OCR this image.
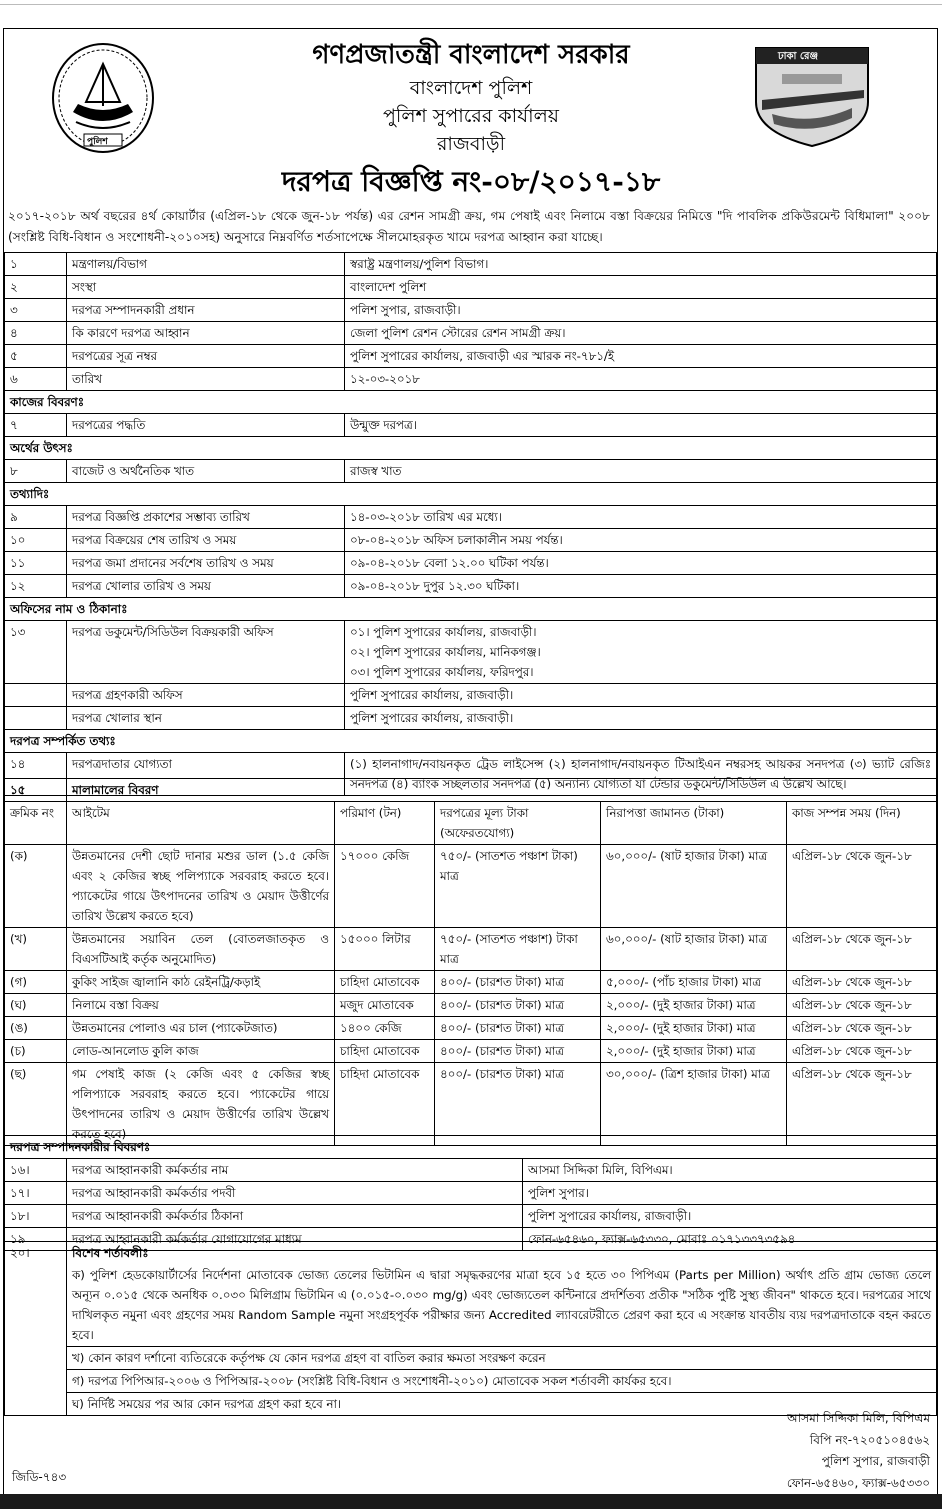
পুলিশ
ঢাকা রেঞ্জ
গণপ্রজাতন্ত্রী বাংলাদেশ সরকার
বাংলাদেশ পুলিশ
পুলিশ সুপারের কার্যালয়
রাজবাড়ী
দরপত্র বিজ্ঞপ্তি নং-০৮/২০১৭-১৮
২০১৭-২০১৮ অর্থ বছরের ৪র্থ কোয়ার্টার (এপ্রিল-১৮ থেকে জুন-১৮ পর্যন্ত) এর রেশন সামগ্রী ক্রয়, গম পেষাই এবং নিলামে বস্তা বিক্রয়ের নিমিত্তে "দি পাবলিক প্রকিউরমেন্ট বিধিমালা" ২০০৮ (সংশ্লিষ্ট বিধি-বিধান ও সংশোধনী-২০১০সহ) অনুসারে নিম্নবর্ণিত শর্তসাপেক্ষে সীলমোহরকৃত খামে দরপত্র আহ্বান করা যাচ্ছে।
১	মন্ত্রণালয়/বিভাগ	স্বরাষ্ট্র মন্ত্রণালয়/পুলিশ বিভাগ।
২	সংস্থা	বাংলাদেশ পুলিশ
৩	দরপত্র সম্পাদনকারী প্রধান	পলিশ সুপার, রাজবাড়ী।
৪	কি কারণে দরপত্র আহ্বান	জেলা পুলিশ রেশন স্টোরের রেশন সামগ্রী ক্রয়।
৫	দরপত্রের সূত্র নম্বর	পুলিশ সুপারের কার্যালয়, রাজবাড়ী এর স্মারক নং-৭৮১/ই
৬	তারিখ	১২-০৩-২০১৮
কাজের বিবরণঃ		
৭	দরপত্রের পদ্ধতি	উন্মুক্ত দরপত্র।
অর্থের উৎসঃ		
৮	বাজেট ও অর্থনৈতিক খাত	রাজস্ব খাত
তথ্যাদিঃ		
৯	দরপত্র বিজ্ঞপ্তি প্রকাশের সম্ভাব্য তারিখ	১৪-০৩-২০১৮ তারিখ এর মধ্যে।
১০	দরপত্র বিক্রয়ের শেষ তারিখ ও সময়	০৮-০৪-২০১৮ অফিস চলাকালীন সময় পর্যন্ত।
১১	দরপত্র জমা প্রদানের সর্বশেষ তারিখ ও সময়	০৯-০৪-২০১৮ বেলা ১২.০০ ঘটিকা পর্যন্ত।
১২	দরপত্র খোলার তারিখ ও সময়	০৯-০৪-২০১৮ দুপুর ১২.৩০ ঘটিকা।
অফিসের নাম ও ঠিকানাঃ		
১৩	দরপত্র ডকুমেন্ট/সিডিউল বিক্রয়কারী অফিস	০১। পুলিশ সুপারের কার্যালয়, রাজবাড়ী।
০২। পুলিশ সুপারের কার্যালয়, মানিকগঞ্জ।
০৩। পুলিশ সুপারের কার্যালয়, ফরিদপুর।
	দরপত্র গ্রহণকারী অফিস	পুলিশ সুপারের কার্যালয়, রাজবাড়ী।
	দরপত্র খোলার স্থান	পুলিশ সুপারের কার্যালয়, রাজবাড়ী।
দরপত্র সম্পর্কিত তথ্যঃ		
১৪	দরপত্রদাতার যোগ্যতা	(১) হালনাগাদ/নবায়নকৃত ট্রেড লাইসেন্স (২) হালনাগাদ/নবায়নকৃত টিআইএন নম্বরসহ আয়কর সনদপত্র (৩) ভ্যাট রেজিঃ সনদপত্র (৪) ব্যাংক সচ্ছলতার সনদপত্র (৫) অন্যান্য যোগ্যতা যা টেন্ডার ডকুমেন্ট/সিডিউল এ উল্লেখ আছে।
১৫	মালামালের বিবরণ				
ক্রমিক নং	আইটেম	পরিমাণ (টন)	দরপত্রের মূল্য টাকা (অফেরতযোগ্য)	নিরাপত্তা জামানত (টাকা)	কাজ সম্পন্ন সময় (দিন)
(ক)	উন্নতমানের দেশী ছোট দানার মশুর ডাল (১.৫ কেজি এবং ২ কেজির স্বচ্ছ পলিপ্যাকে সরবরাহ করতে হবে। প্যাকেটের গায়ে উৎপাদনের তারিখ ও মেয়াদ উত্তীর্ণের তারিখ উল্লেখ করতে হবে)	১৭০০০ কেজি	৭৫০/- (সাতশত পঞ্চাশ টাকা) মাত্র	৬০,০০০/- (ষাট হাজার টাকা) মাত্র	এপ্রিল-১৮ থেকে জুন-১৮
(খ)	উন্নতমানের সয়াবিন তেল (বোতলজাতকৃত ও বিএসটিআই কর্তৃক অনুমোদিত)	১৫০০০ লিটার	৭৫০/- (সাতশত পঞ্চাশ) টাকা মাত্র	৬০,০০০/- (ষাট হাজার টাকা) মাত্র	এপ্রিল-১৮ থেকে জুন-১৮
(গ)	কুকিং সাইজ জ্বালানি কাঠ রেইনট্রি/কড়াই	চাহিদা মোতাবেক	৪০০/- (চারশত টাকা) মাত্র	৫,০০০/- (পাঁচ হাজার টাকা) মাত্র	এপ্রিল-১৮ থেকে জুন-১৮
(ঘ)	নিলামে বস্তা বিক্রয়	মজুদ মোতাবেক	৪০০/- (চারশত টাকা) মাত্র	২,০০০/- (দুই হাজার টাকা) মাত্র	এপ্রিল-১৮ থেকে জুন-১৮
(ঙ)	উন্নতমানের পোলাও এর চাল (প্যাকেটজাত)	১৪০০ কেজি	৪০০/- (চারশত টাকা) মাত্র	২,০০০/- (দুই হাজার টাকা) মাত্র	এপ্রিল-১৮ থেকে জুন-১৮
(চ)	লোড-আনলোড কুলি কাজ	চাহিদা মোতাবেক	৪০০/- (চারশত টাকা) মাত্র	২,০০০/- (দুই হাজার টাকা) মাত্র	এপ্রিল-১৮ থেকে জুন-১৮
(ছ)	গম পেষাই কাজ (২ কেজি এবং ৫ কেজির স্বচ্ছ পলিপ্যাকে সরবরাহ করতে হবে। প্যাকেটের গায়ে উৎপাদনের তারিখ ও মেয়াদ উত্তীর্ণের তারিখ উল্লেখ করতে হবে)	চাহিদা মোতাবেক	৪০০/- (চারশত টাকা) মাত্র	৩০,০০০/- (ত্রিশ হাজার টাকা) মাত্র	এপ্রিল-১৮ থেকে জুন-১৮
দরপত্র সম্পাদনকারীর বিবরণঃ		
১৬।	দরপত্র আহ্বানকারী কর্মকর্তার নাম	আসমা সিদ্দিকা মিলি, বিপিএম।
১৭।	দরপত্র আহ্বানকারী কর্মকর্তার পদবী	পুলিশ সুপার।
১৮।	দরপত্র আহ্বানকারী কর্মকর্তার ঠিকানা	পুলিশ সুপারের কার্যালয়, রাজবাড়ী।
১৯	দরপত্র আহ্বানকারী কর্মকর্তার যোগাযোগের মাধ্যম	ফোন-৬৫৪৬০, ফ্যাক্স-৬৫৩৩০, মোবাঃ ০১৭১৩৩৭৩৫৯৪
২০।	বিশেষ শর্তাবলীঃ
ক) পুলিশ হেডকোয়ার্টার্সের নির্দেশনা মোতাবেক ভোজ্য তেলের ভিটামিন এ দ্বারা সমৃদ্ধকরণের মাত্রা হবে ১৫ হতে ৩০ পিপিএম (Parts per Million) অর্থাৎ প্রতি গ্রাম ভোজ্য তেলে অন্যূন ০.০১৫ থেকে অনধিক ০.০৩০ মিলিগ্রাম ভিটামিন এ (০.০১৫-০.০৩০ mg/g) এবং ভোজ্যতেল কন্টিনারে প্রদর্শিতব্য প্রতীক "সঠিক পুষ্টি সুস্থ্য জীবন" থাকতে হবে। দরপত্রের সাথে দাখিলকৃত নমুনা এবং গ্রহণের সময় Random Sample নমুনা সংগ্রহপূর্বক পরীক্ষার জন্য Accredited ল্যাবরেটরীতে প্রেরণ করা হবে এ সংক্রান্ত যাবতীয় ব্যয় দরপত্রদাতাকে বহন করতে হবে।
খ) কোন কারণ দর্শানো ব্যতিরেকে কর্তৃপক্ষ যে কোন দরপত্র গ্রহণ বা বাতিল করার ক্ষমতা সংরক্ষণ করেন
গ) দরপত্র পিপিআর-২০০৬ ও পিপিআর-২০০৮ (সংশ্লিষ্ট বিধি-বিধান ও সংশোধনী-২০১০) মোতাবেক সকল শর্তাবলী কার্যকর হবে।
ঘ) নির্দিষ্ট সময়ের পর আর কোন দরপত্র গ্রহণ করা হবে না।
আসমা সিদ্দিকা মিলি, বিপিএম
বিপি নং-৭২০৫১০৪৫৬২
পুলিশ সুপার, রাজবাড়ী
ফোন-৬৫৪৬০, ফ্যাক্স-৬৫৩৩০
জিডি-৭৪৩
